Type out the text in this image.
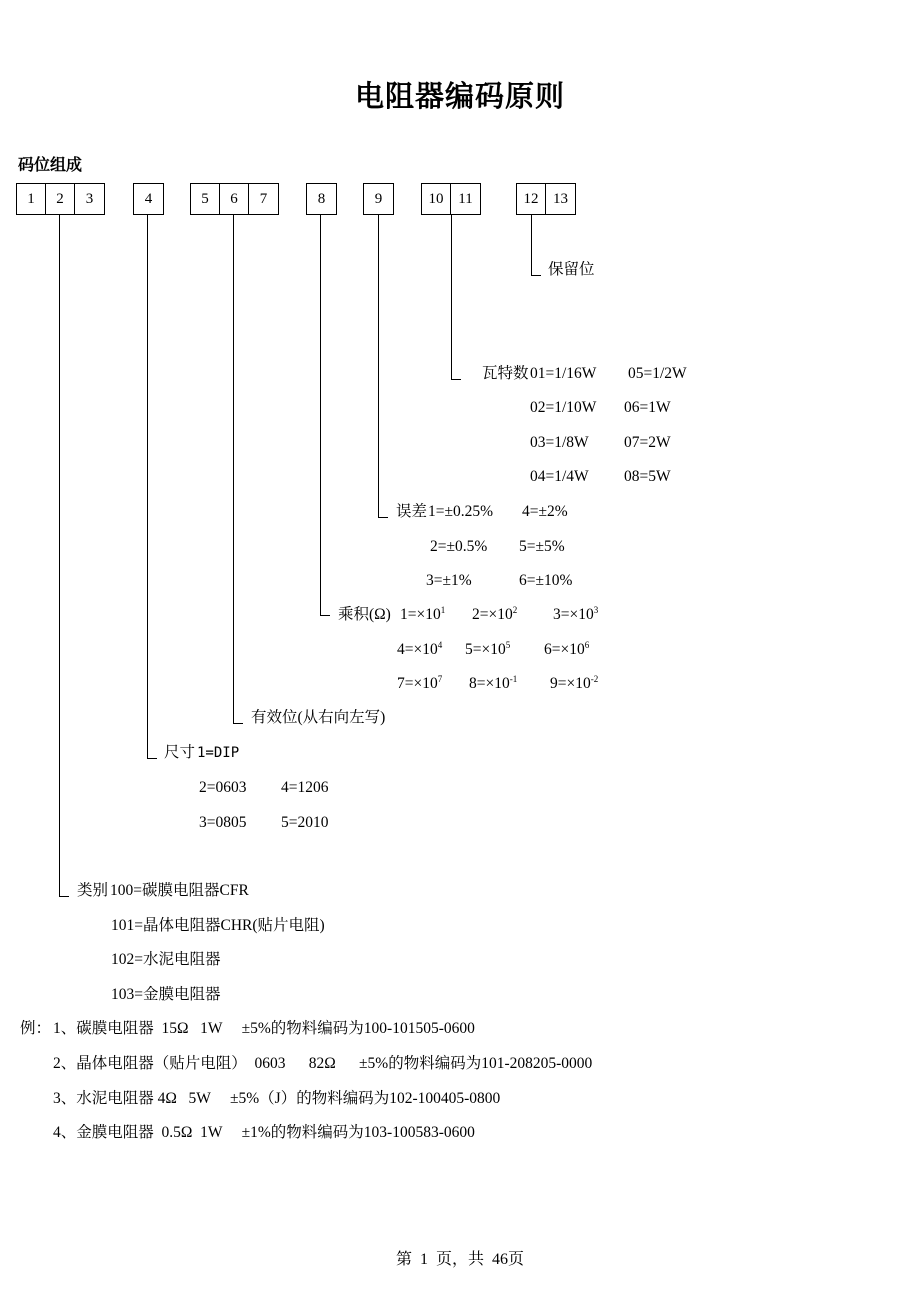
电阻器编码原则
码位组成
1	2	3	4	5	6	7	8	9	10 11	12 13
保留位
瓦特数 01=1/16W 05=1/2W
02=1/10W 06=1W
03=1/8W 07=2W
04=1/4W 08=5W
误差 1=±0.25% 4=±2%
2=±0.5% 5=±5%
3=±1%	6=±10%
乘积(Ω) $1=\times 10^1$ $2=\times 10^2$ $3=\times 10^3$
$4=\times 10^4$ $5=\times 10^5$ $6=\times 10^6$
$7=\times 10^7$ $8=\times 10^{-1}$ $9=\times 10^{-2}$
有效位(从右向左写)
尺寸 1=DIP
2=0603 4=1206
3=0805 5=2010
类别 100=碳膜电阻器CFR
101=晶体电阻器CHR(贴片电阻)
102=水泥电阻器
103=金膜电阻器
例： 1、碳膜电阻器  15Ω   1W     ±5%的物料编码为100-101505-0600
2、晶体电阻器（贴片电阻）  0603      82Ω      ±5%的物料编码为101-208205-0000
3、水泥电阻器 4Ω   5W     ±5%（J）的物料编码为102-100405-0800
4、金膜电阻器  0.5Ω  1W     ±1%的物料编码为103-100583-0600
第  1  页，共  46页
